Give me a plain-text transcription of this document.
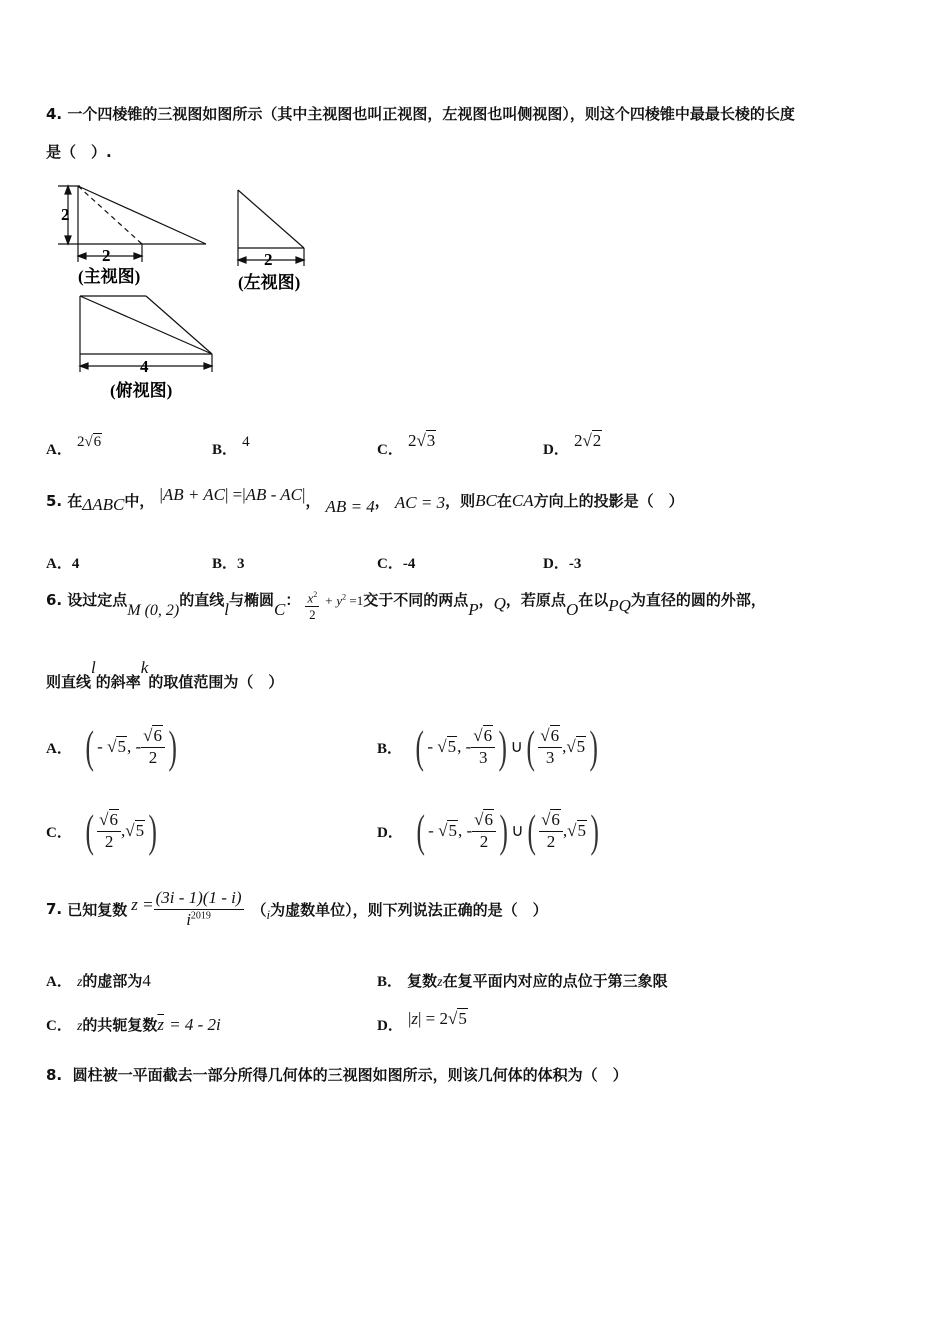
4. 一个四棱锥的三视图如图所示（其中主视图也叫正视图，左视图也叫侧视图），则这个四棱锥中最最长棱的长度
是（　）.
2
2
(主视图)
2
(左视图)
4
(俯视图)
A． 2√6	B． 4	C． 2√3	D． 2√2
5. 在ΔABC中， |AB + AC| =|AB - AC|， AB = 4， AC = 3，则BC在CA方向上的投影是（　）
A．4	B．3	C．-4	D．-3
6. 设过定点M (0, 2)的直线l与椭圆C： $\frac{x^2}{2} + y^2 =1$交于不同的两点P，Q，若原点O在以PQ为直径的圆的外部，
则直线l的斜率k的取值范围为（　）
A． ( - √5, - $\frac{√6}{2}$ )	B． ( - √5, - $\frac{√6}{3}$ ) ∪ ( $\frac{√6}{3} ,√5$ )
C． ( $\frac{√6}{2} ,√5$ )	D． ( - √5, - $\frac{√6}{2}$ ) ∪ ( $\frac{√6}{2} ,√5$ )
7.
已知复数 $z = \frac{(3i - 1)(1 - i)}{i^{2019}}$ （ i 为虚数单位），则下列说法正确的是（　）
A． z的虚部为4	B． 复数z在复平面内对应的点位于第三象限
C． z的共轭复数$\overline{z} = 4 - 2i$	D． |z| = 2√5
8. 圆柱被一平面截去一部分所得几何体的三视图如图所示，则该几何体的体积为（　）
